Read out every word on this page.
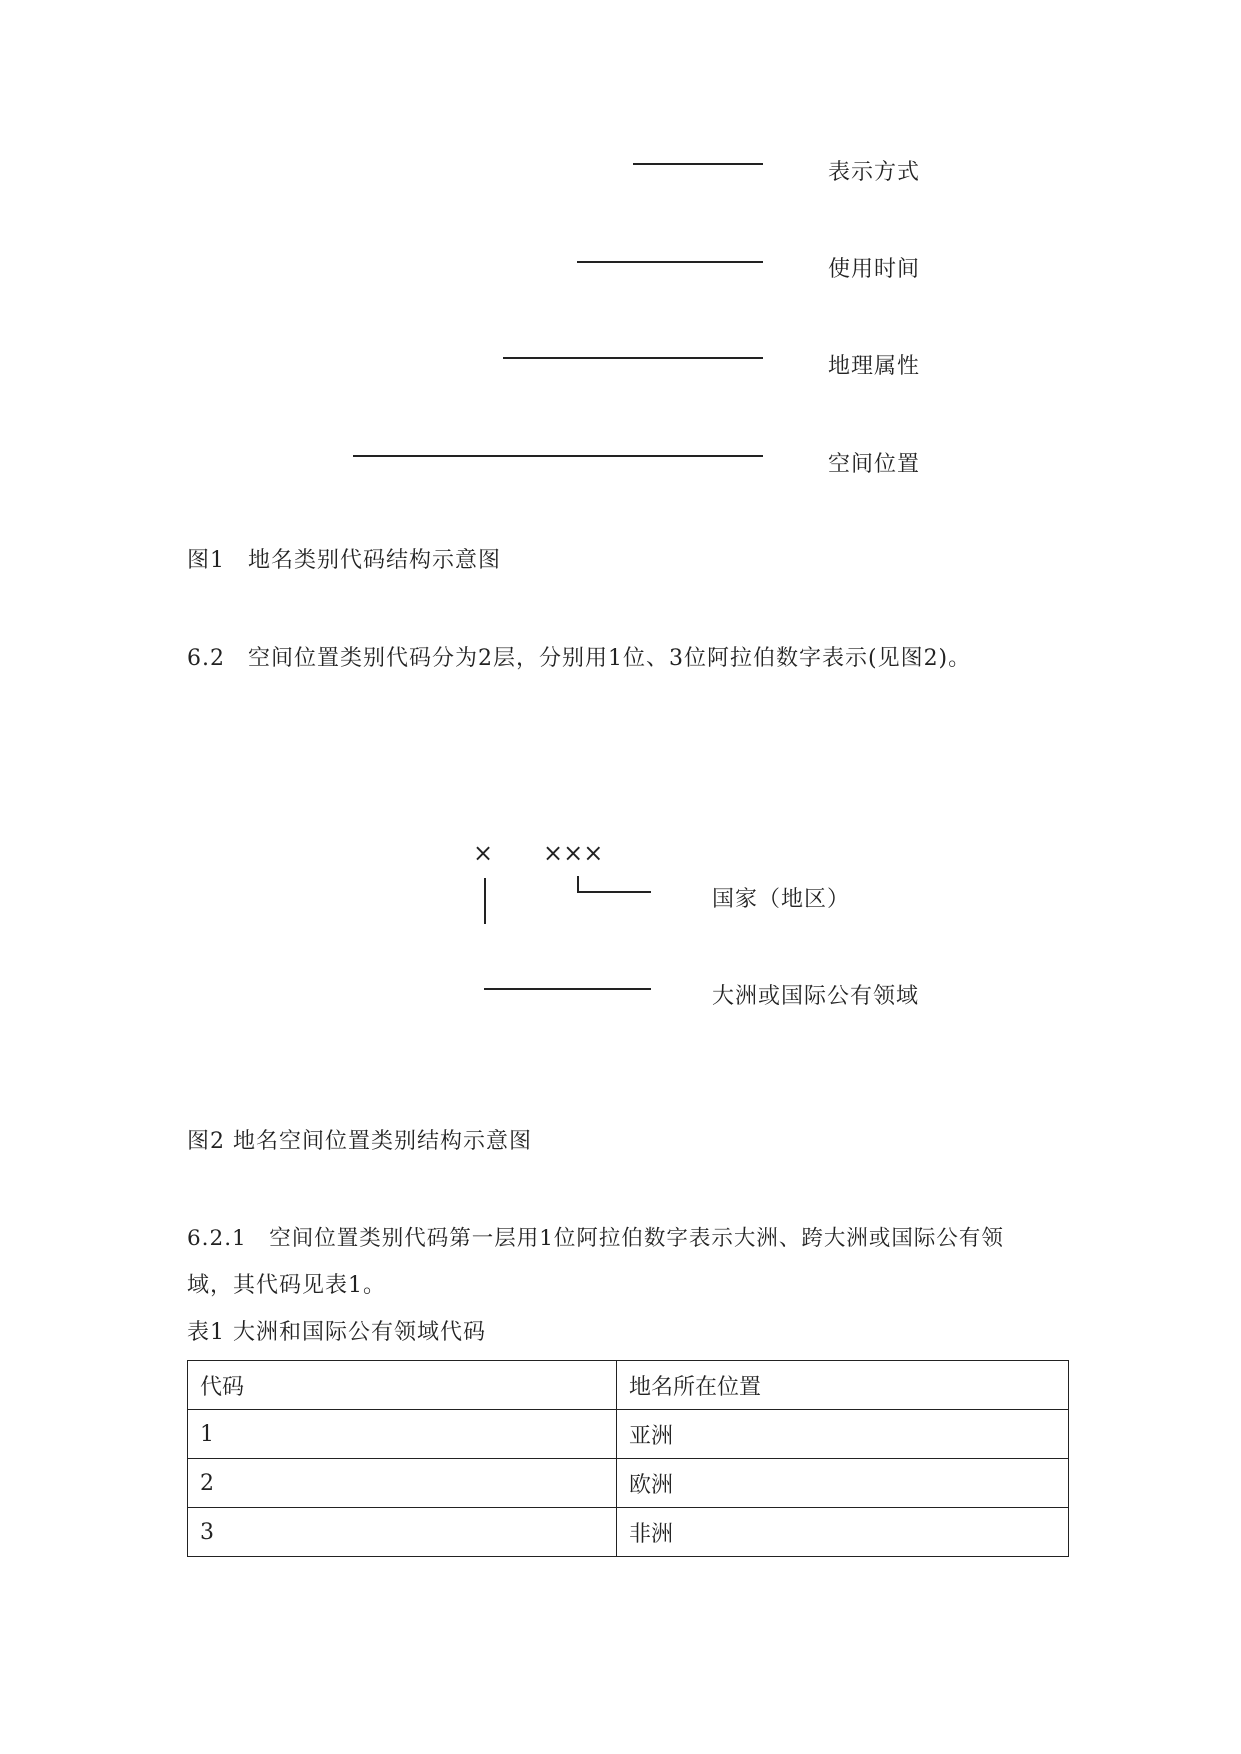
表示方式
使用时间
地理属性
空间位置
图1　地名类别代码结构示意图
6.2　空间位置类别代码分为2层，分别用1位、3位阿拉伯数字表示(见图2)。
× ×××
国家（地区）
大洲或国际公有领域
图2 地名空间位置类别结构示意图
6.2.1　空间位置类别代码第一层用1位阿拉伯数字表示大洲、跨大洲或国际公有领
域，其代码见表1。
表1 大洲和国际公有领域代码
代码	地名所在位置
1	亚洲
2	欧洲
3	非洲
